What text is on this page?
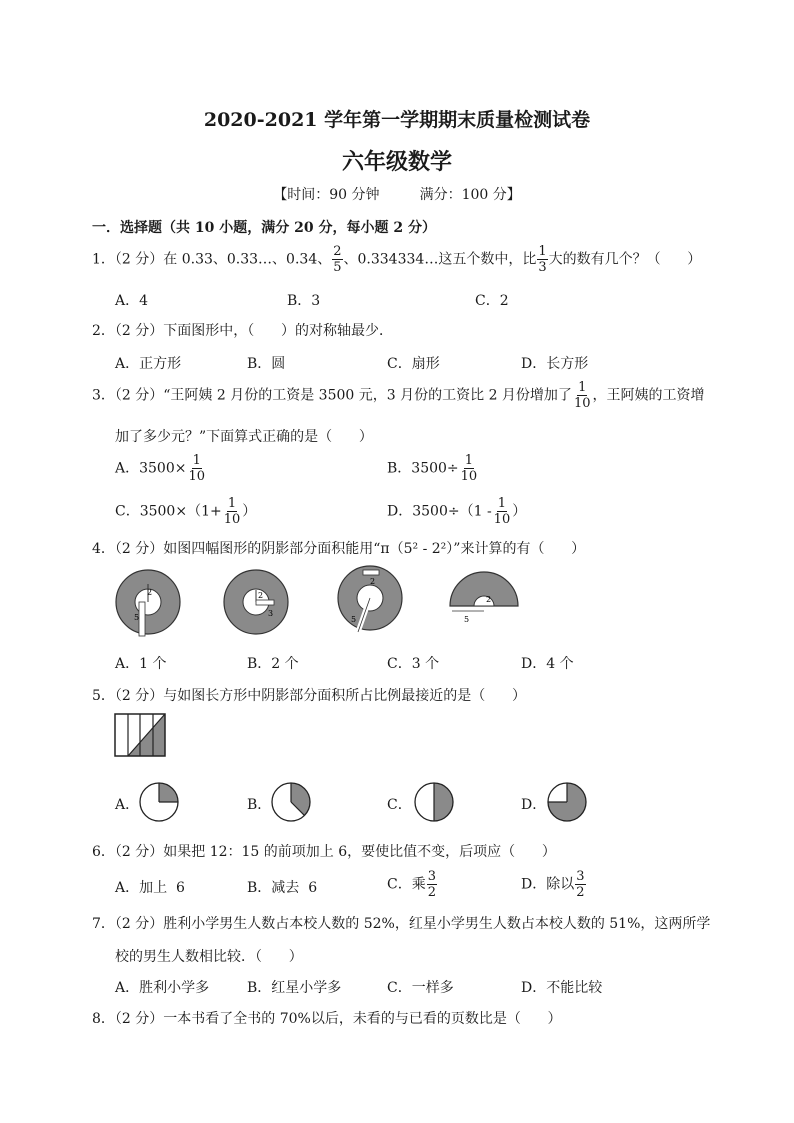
2020-2021 学年第一学期期末质量检测试卷
六年级数学
【时间：90 分钟         满分：100 分】
一．选择题（共 10 小题，满分 20 分，每小题 2 分）
1．（2 分）在 0.33、0.33…、0.34、 $\frac{2}{5}$ 、0.334334…这五个数中，比 $\frac{1}{3}$ 大的数有几个？（      ）
A．4	B．3	C．2
2．（2 分）下面图形中，（      ）的对称轴最少．
A．正方形	B．圆	C．扇形	D．长方形
3．（2 分）“王阿姨 2 月份的工资是 3500 元，3 月份的工资比 2 月份增加了 $\frac{1}{10}$ ，王阿姨的工资增
加了多少元？”下面算式正确的是（      ）
A．$3500\times \frac{1}{10}$	B．$3500\div \frac{1}{10}$
C．$3500\times(1+ \frac{1}{10}$ ）	D．$3500\div(1 - \frac{1}{10}$ ）
4．（2 分）如图四幅图形的阴影部分面积能用“π（5² - 2²）”来计算的有（      ）
2
5
2
3
2
5
2
5
A．1 个	B．2 个	C．3 个	D．4 个
5．（2 分）与如图长方形中阴影部分面积所占比例最接近的是（      ）
A．	B．	C．	D．
6．（2 分）如果把 12：15 的前项加上 6，要使比值不变，后项应（      ）
A．加上  6	B．减去  6	C．乘 $\frac{3}{2}$	D．除以 $\frac{3}{2}$
7．（2 分）胜利小学男生人数占本校人数的 52%，红星小学男生人数占本校人数的 51%，这两所学
校的男生人数相比较．（      ）
A．胜利小学多	B．红星小学多	C．一样多	D．不能比较
8．（2 分）一本书看了全书的 70%以后，未看的与已看的页数比是（      ）
